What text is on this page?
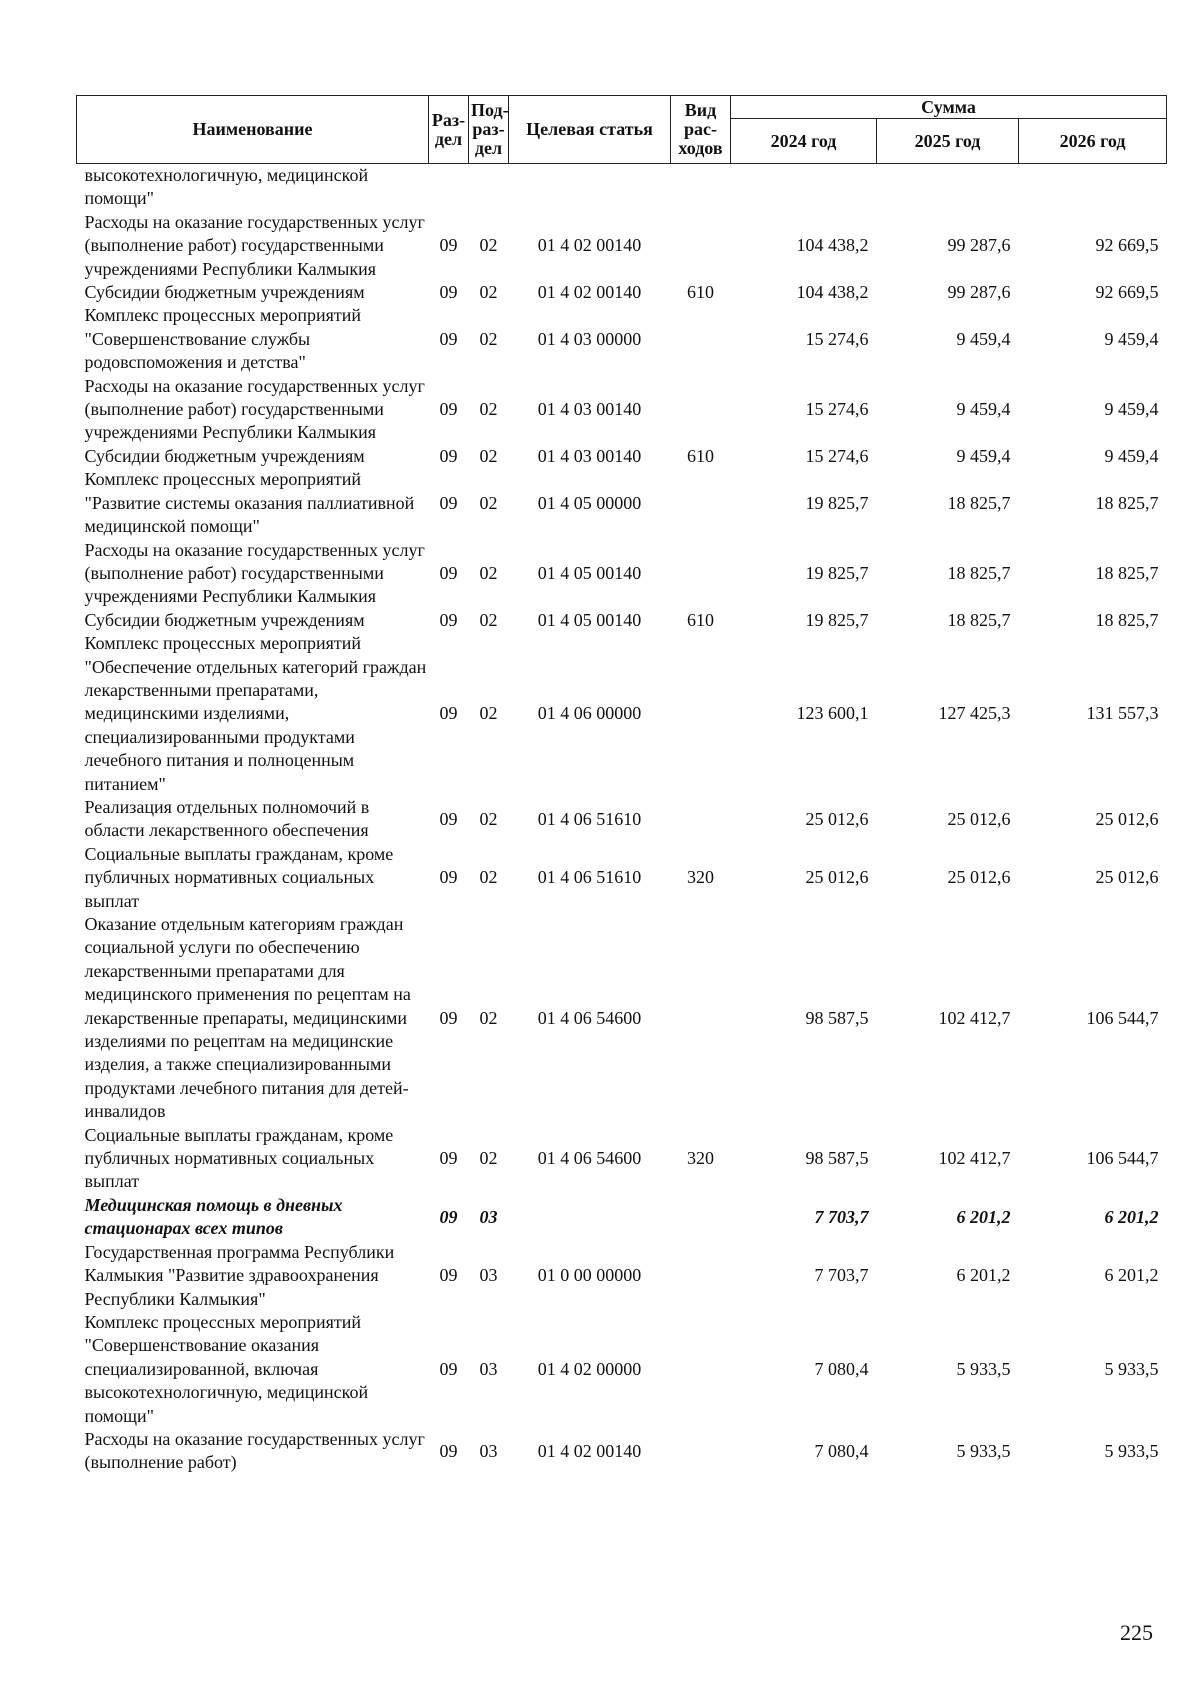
Наименование	Раз-дел	Под-раз-дел	Целевая статья	Вид рас-ходов	Сумма		
					2024 год	2025 год	2026 год
высокотехнологичную, медицинской помощи"							
Расходы на оказание государственных услуг (выполнение работ) государственными учреждениями Республики Калмыкия	09	02	01 4 02 00140		104 438,2	99 287,6	92 669,5
Субсидии бюджетным учреждениям	09	02	01 4 02 00140	610	104 438,2	99 287,6	92 669,5
Комплекс процессных мероприятий "Совершенствование службы родовспоможения и детства"	09	02	01 4 03 00000		15 274,6	9 459,4	9 459,4
Расходы на оказание государственных услуг (выполнение работ) государственными учреждениями Республики Калмыкия	09	02	01 4 03 00140		15 274,6	9 459,4	9 459,4
Субсидии бюджетным учреждениям	09	02	01 4 03 00140	610	15 274,6	9 459,4	9 459,4
Комплекс процессных мероприятий "Развитие системы оказания паллиативной медицинской помощи"	09	02	01 4 05 00000		19 825,7	18 825,7	18 825,7
Расходы на оказание государственных услуг (выполнение работ) государственными учреждениями Республики Калмыкия	09	02	01 4 05 00140		19 825,7	18 825,7	18 825,7
Субсидии бюджетным учреждениям	09	02	01 4 05 00140	610	19 825,7	18 825,7	18 825,7
Комплекс процессных мероприятий "Обеспечение отдельных категорий граждан лекарственными препаратами, медицинскими изделиями, специализированными продуктами лечебного питания и полноценным питанием"	09	02	01 4 06 00000		123 600,1	127 425,3	131 557,3
Реализация отдельных полномочий в области лекарственного обеспечения	09	02	01 4 06 51610		25 012,6	25 012,6	25 012,6
Социальные выплаты гражданам, кроме публичных нормативных социальных выплат	09	02	01 4 06 51610	320	25 012,6	25 012,6	25 012,6
Оказание отдельным категориям граждан социальной услуги по обеспечению лекарственными препаратами для медицинского применения по рецептам на лекарственные препараты, медицинскими изделиями по рецептам на медицинские изделия, а также специализированными продуктами лечебного питания для детей-инвалидов	09	02	01 4 06 54600		98 587,5	102 412,7	106 544,7
Социальные выплаты гражданам, кроме публичных нормативных социальных выплат	09	02	01 4 06 54600	320	98 587,5	102 412,7	106 544,7
Медицинская помощь в дневных стационарах всех типов	09	03			7 703,7	6 201,2	6 201,2
Государственная программа Республики Калмыкия "Развитие здравоохранения Республики Калмыкия"	09	03	01 0 00 00000		7 703,7	6 201,2	6 201,2
Комплекс процессных мероприятий "Совершенствование оказания специализированной, включая высокотехнологичную, медицинской помощи"	09	03	01 4 02 00000		7 080,4	5 933,5	5 933,5
Расходы на оказание государственных услуг (выполнение работ)	09	03	01 4 02 00140		7 080,4	5 933,5	5 933,5
225
